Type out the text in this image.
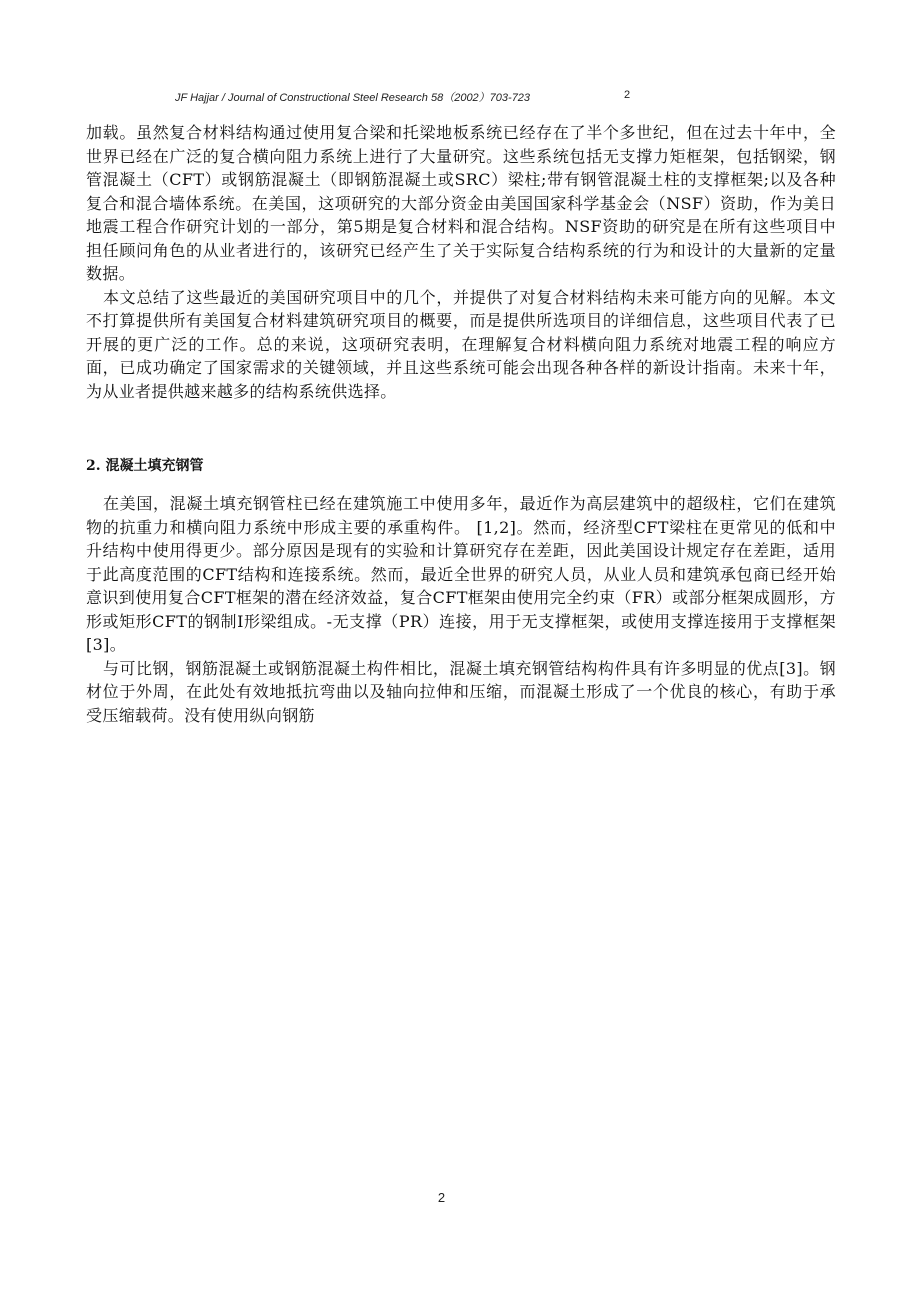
JF Hajjar / Journal of Constructional Steel Research 58（2002）703-723	2

加载。虽然复合材料结构通过使用复合梁和托梁地板系统已经存在了半个多世纪，但在过去十年中，全世界已经在广泛的复合横向阻力系统上进行了大量研究。这些系统包括无支撑力矩框架，包括钢梁，钢管混凝土（CFT）或钢筋混凝土（即钢筋混凝土或SRC）梁柱;带有钢管混凝土柱的支撑框架;以及各种复合和混合墙体系统。在美国，这项研究的大部分资金由美国国家科学基金会（NSF）资助，作为美日地震工程合作研究计划的一部分，第5期是复合材料和混合结构。NSF资助的研究是在所有这些项目中担任顾问角色的从业者进行的，该研究已经产生了关于实际复合结构系统的行为和设计的大量新的定量数据。

本文总结了这些最近的美国研究项目中的几个，并提供了对复合材料结构未来可能方向的见解。本文不打算提供所有美国复合材料建筑研究项目的概要，而是提供所选项目的详细信息，这些项目代表了已开展的更广泛的工作。总的来说，这项研究表明，在理解复合材料横向阻力系统对地震工程的响应方面，已成功确定了国家需求的关键领域，并且这些系统可能会出现各种各样的新设计指南。未来十年，为从业者提供越来越多的结构系统供选择。

2. 混凝土填充钢管

在美国，混凝土填充钢管柱已经在建筑施工中使用多年，最近作为高层建筑中的超级柱，它们在建筑物的抗重力和横向阻力系统中形成主要的承重构件。 [1,2]。然而，经济型CFT梁柱在更常见的低和中升结构中使用得更少。部分原因是现有的实验和计算研究存在差距，因此美国设计规定存在差距，适用于此高度范围的CFT结构和连接系统。然而，最近全世界的研究人员，从业人员和建筑承包商已经开始意识到使用复合CFT框架的潜在经济效益，复合CFT框架由使用完全约束（FR）或部分框架成圆形，方形或矩形CFT的钢制I形梁组成。-无支撑（PR）连接，用于无支撑框架，或使用支撑连接用于支撑框架[3]。

与可比钢，钢筋混凝土或钢筋混凝土构件相比，混凝土填充钢管结构构件具有许多明显的优点[3]。钢材位于外周，在此处有效地抵抗弯曲以及轴向拉伸和压缩，而混凝土形成了一个优良的核心，有助于承受压缩载荷。没有使用纵向钢筋

2
